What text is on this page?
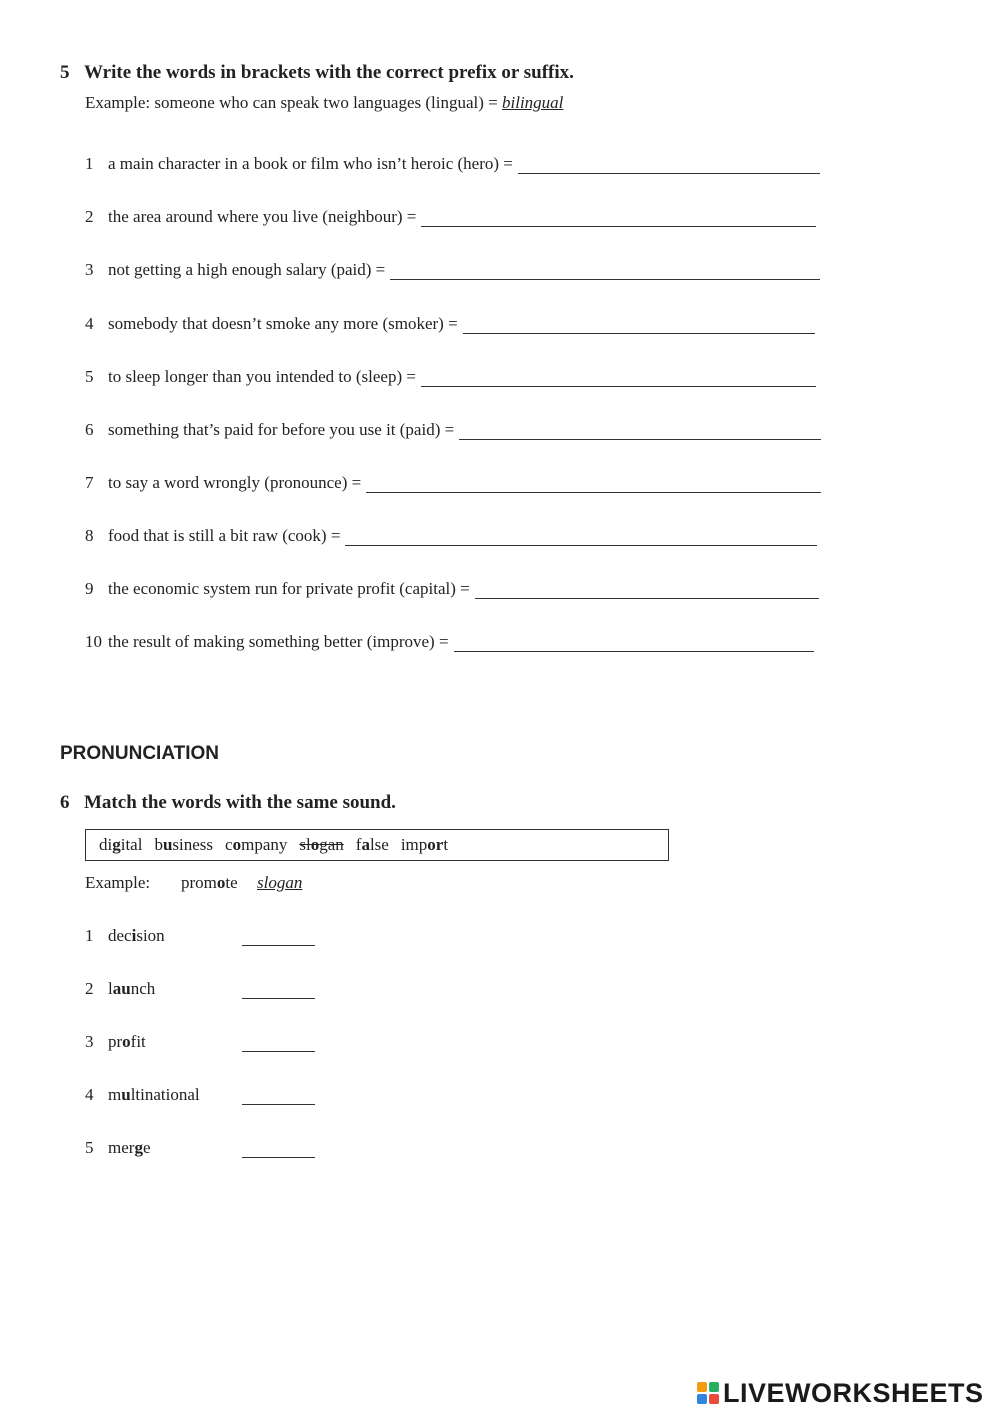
5 Write the words in brackets with the correct prefix or suffix.
Example: someone who can speak two languages (lingual) = bilingual
1 a main character in a book or film who isn’t heroic (hero) =
2 the area around where you live (neighbour) =
3 not getting a high enough salary (paid) =
4 somebody that doesn’t smoke any more (smoker) =
5 to sleep longer than you intended to (sleep) =
6 something that’s paid for before you use it (paid) =
7 to say a word wrongly (pronounce) =
8 food that is still a bit raw (cook) =
9 the economic system run for private profit (capital) =
10 the result of making something better (improve) =
PRONUNCIATION
6 Match the words with the same sound.
digital business company slogan false import
Example: promote slogan
1 decision
2 launch
3 profit
4 multinational
5 merge
LIVEWORKSHEETS
